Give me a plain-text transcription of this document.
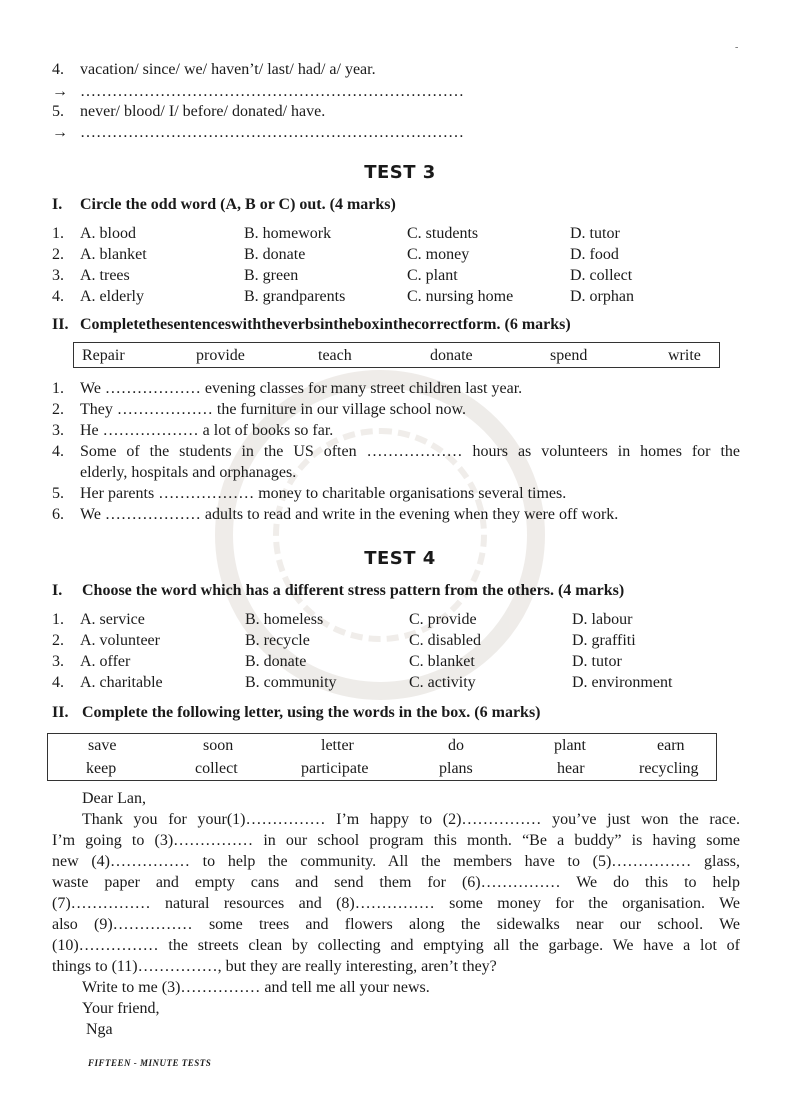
-
4. vacation/ since/ we/ haven’t/ last/ had/ a/ year.
→ ………………………………………………………………
5. never/ blood/ I/ before/ donated/ have.
→ ………………………………………………………………
TEST 3
I. Circle the odd word (A, B or C) out. (4 marks)
1. A. blood	B. homework	C. students	D. tutor
2. A. blanket	B. donate	C. money	D. food
3. A. trees	B. green	C. plant	D. collect
4. A. elderly	B. grandparents	C. nursing home	D. orphan
II. Completethesentenceswiththeverbsintheboxinthecorrectform. (6 marks)
Repair	provide	teach	donate	spend	write
1. We ……………… evening classes for many street children last year.
2. They ……………… the furniture in our village school now.
3. He ……………… a lot of books so far.
4. Some of the students in the US often ……………… hours as volunteers in homes for the
elderly, hospitals and orphanages.
5. Her parents ……………… money to charitable organisations several times.
6. We ……………… adults to read and write in the evening when they were off work.
TEST 4
I. Choose the word which has a different stress pattern from the others. (4 marks)
1. A. service	B. homeless	C. provide	D. labour
2. A. volunteer	B. recycle	C. disabled	D. graffiti
3. A. offer	B. donate	C. blanket	D. tutor
4. A. charitable	B. community	C. activity	D. environment
II. Complete the following letter, using the words in the box. (6 marks)
save	soon	letter	do	plant	earn
keep	collect	participate	plans	hear	recycling
Dear Lan,
Thank you for your(1)…………… I’m happy to (2)…………… you’ve just won the race.
I’m going to (3)…………… in our school program this month. “Be a buddy” is having some
new (4)…………… to help the community. All the members have to (5)…………… glass,
waste paper and empty cans and send them for (6)…………… We do this to help
(7)…………… natural resources and (8)…………… some money for the organisation. We
also (9)…………… some trees and flowers along the sidewalks near our school. We
(10)…………… the streets clean by collecting and emptying all the garbage. We have a lot of
things to (11)……………, but they are really interesting, aren’t they?
Write to me (3)…………… and tell me all your news.
Your friend,
Nga
FIFTEEN - MINUTE TESTS
